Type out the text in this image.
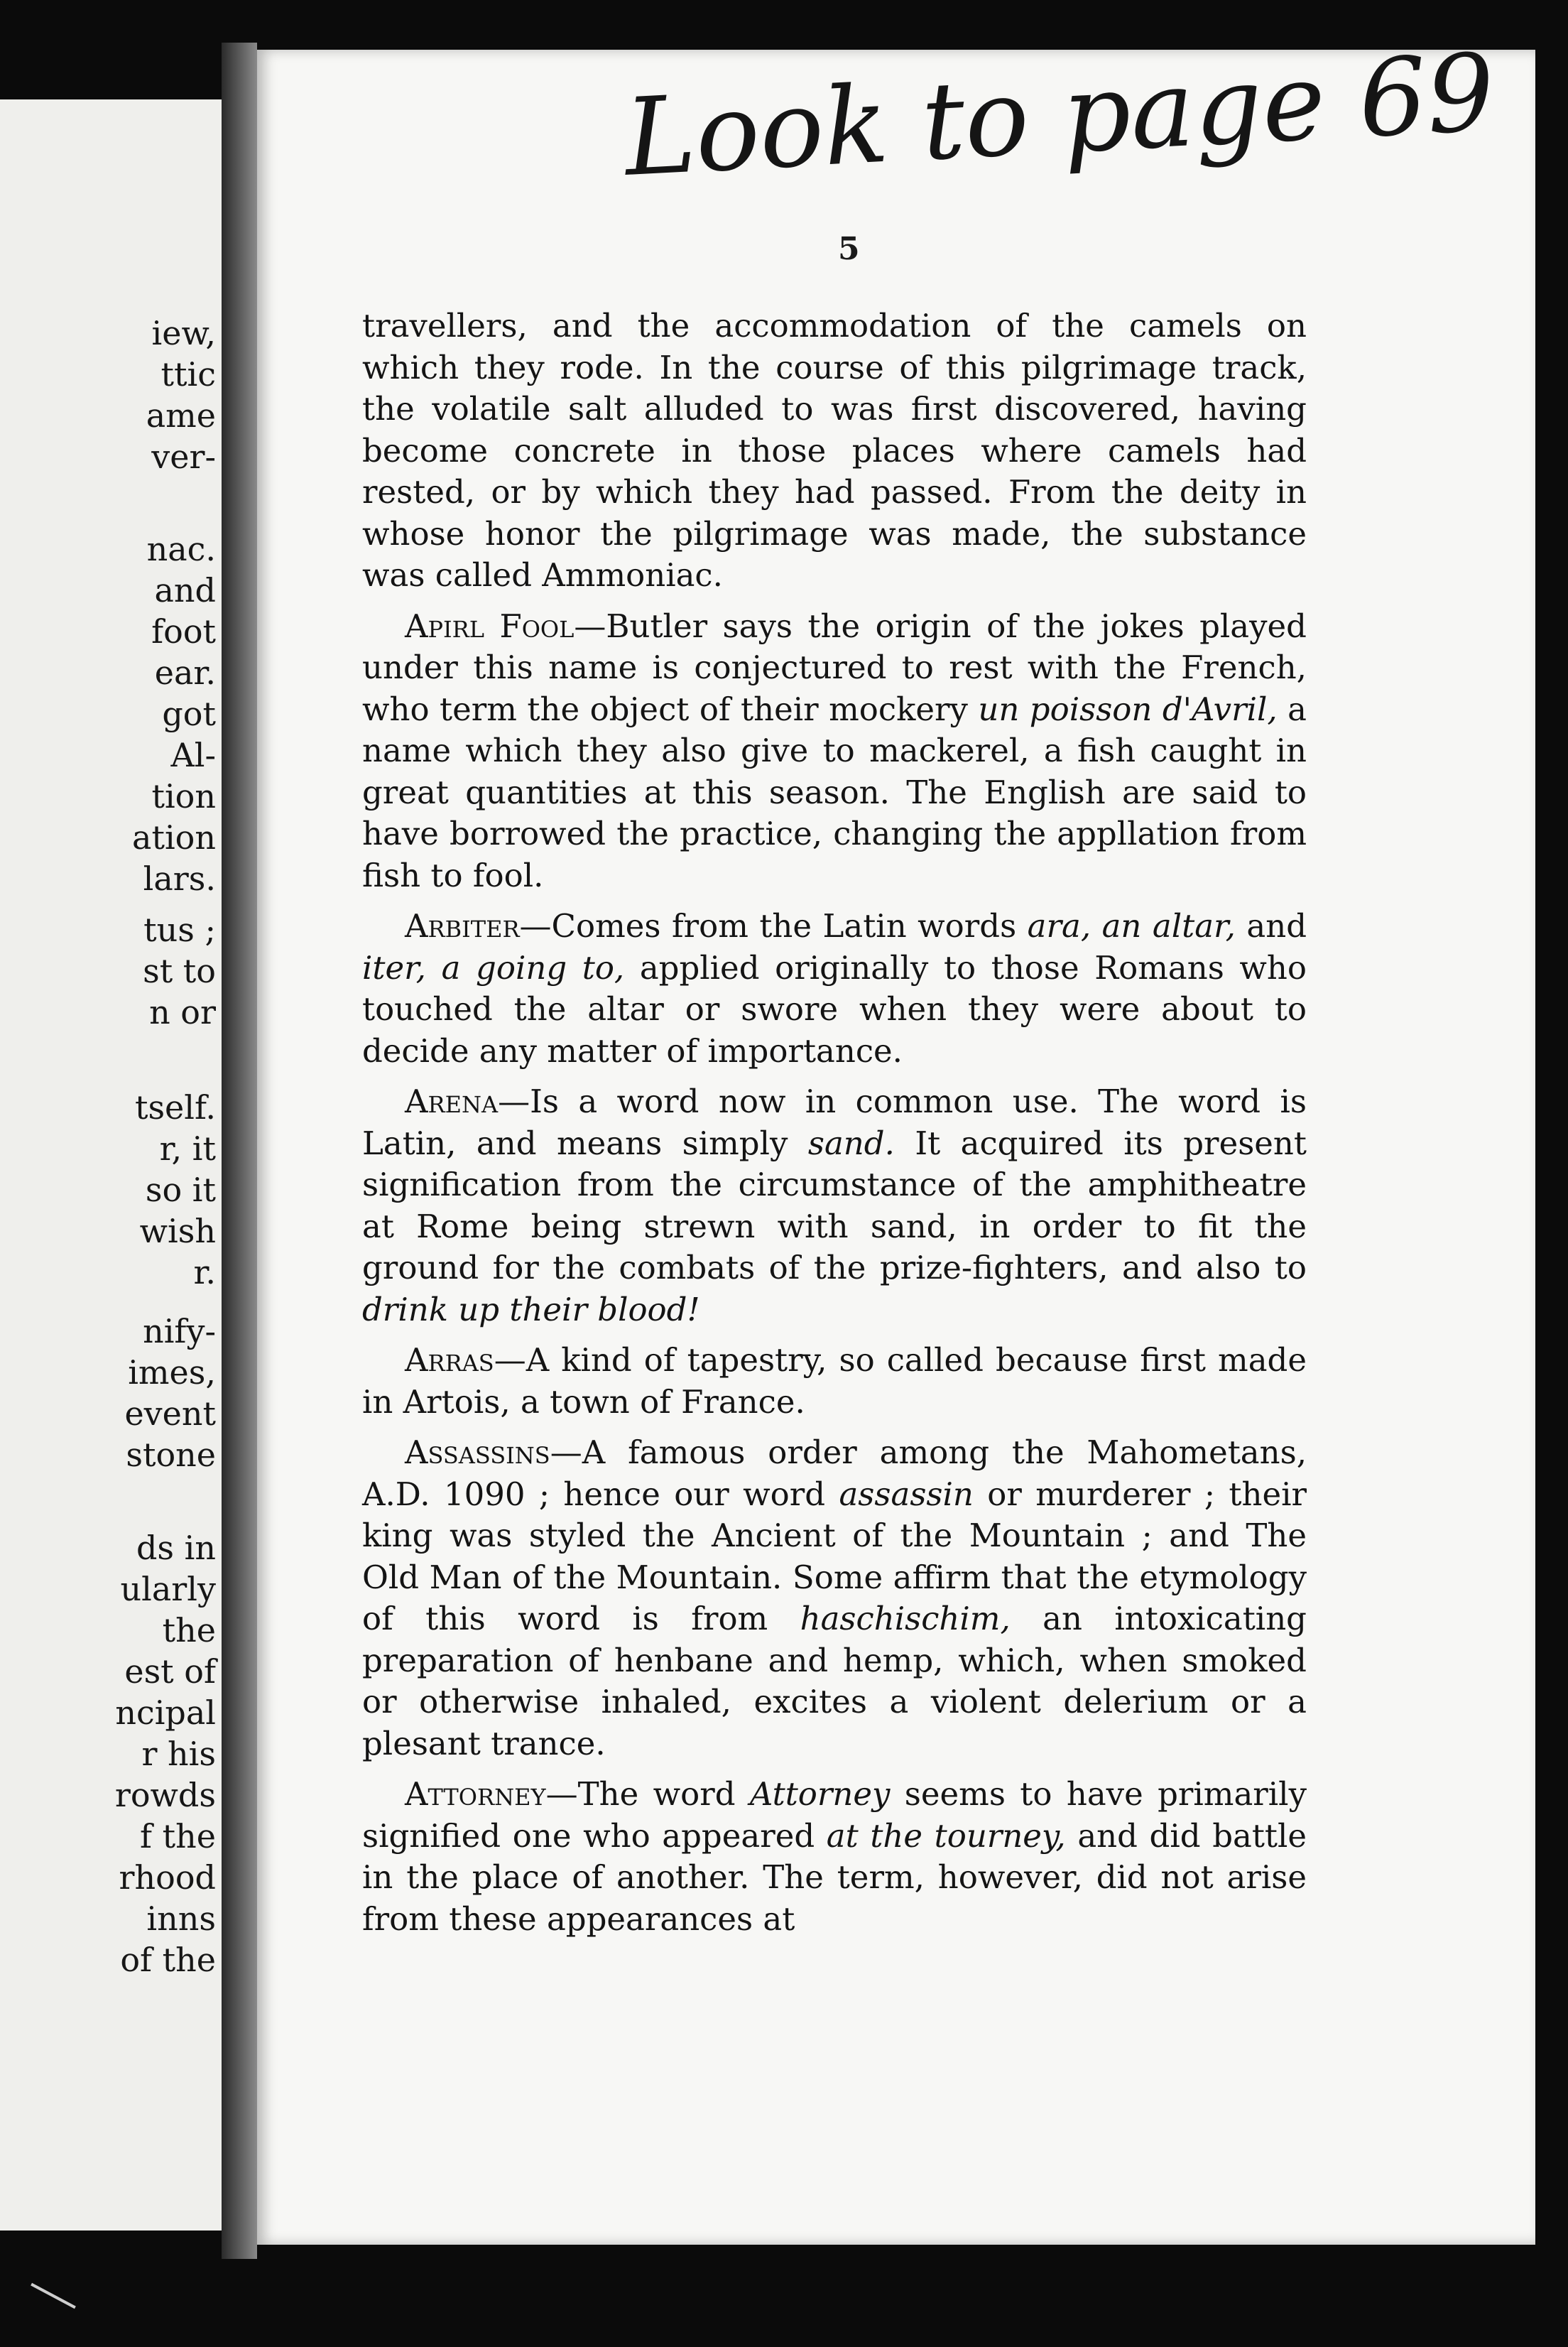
iew,
ttic
ame
ver-
nac.
and
foot
ear.
got
Al-
tion
ation
lars.
tus ;
st to
n or
tself.
r, it
so it
wish
r.
nify-
imes,
event
stone
ds in
ularly
the
est of
ncipal
r his
rowds
f the
rhood
inns
of the
Look to page 69
5

travellers, and the accommodation of the camels on which they rode. In the course of this pilgrimage track, the volatile salt alluded to was first discovered, having become concrete in those places where camels had rested, or by which they had passed. From the deity in whose honor the pilgrimage was made, the substance was called Ammoniac.

Apirl Fool—Butler says the origin of the jokes played under this name is conjectured to rest with the French, who term the object of their mockery un poisson d'Avril, a name which they also give to mackerel, a fish caught in great quantities at this season. The English are said to have borrowed the practice, changing the appllation from fish to fool.

Arbiter—Comes from the Latin words ara, an altar, and iter, a going to, applied originally to those Romans who touched the altar or swore when they were about to decide any matter of importance.

Arena—Is a word now in common use. The word is Latin, and means simply sand. It acquired its present signification from the circumstance of the amphitheatre at Rome being strewn with sand, in order to fit the ground for the combats of the prize-fighters, and also to drink up their blood!

Arras—A kind of tapestry, so called because first made in Artois, a town of France.

Assassins—A famous order among the Mahometans, A.D. 1090 ; hence our word assassin or murderer ; their king was styled the Ancient of the Mountain ; and The Old Man of the Mountain. Some affirm that the etymology of this word is from haschischim, an intoxicating preparation of henbane and hemp, which, when smoked or otherwise inhaled, excites a violent delerium or a plesant trance.

Attorney—The word Attorney seems to have primarily signified one who appeared at the tourney, and did battle in the place of another. The term, however, did not arise from these appearances at
